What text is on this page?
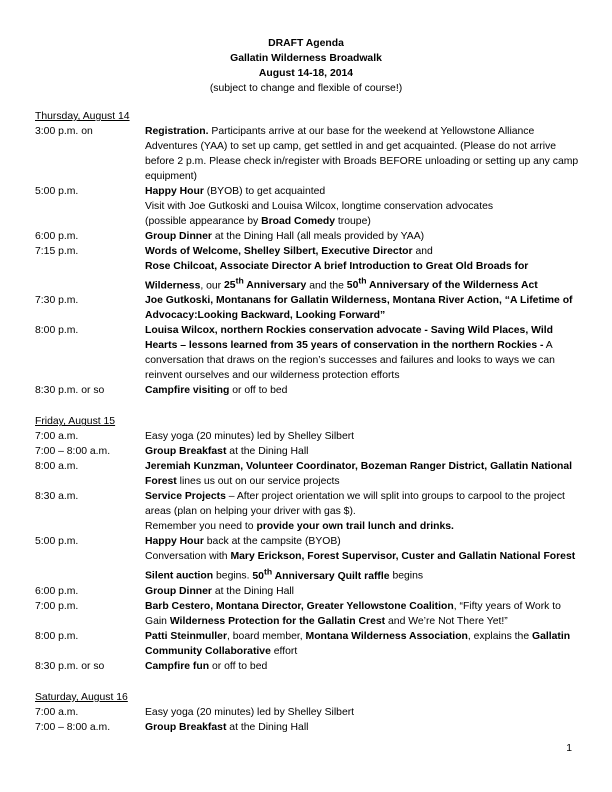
DRAFT Agenda
Gallatin Wilderness Broadwalk
August 14-18, 2014
(subject to change and flexible of course!)
Thursday, August 14
3:00 p.m. on	Registration. Participants arrive at our base for the weekend at Yellowstone Alliance Adventures (YAA) to set up camp, get settled in and get acquainted. (Please do not arrive before 2 p.m. Please check in/register with Broads BEFORE unloading or setting up any camp equipment)
5:00 p.m.	Happy Hour (BYOB) to get acquainted
Visit with Joe Gutkoski and Louisa Wilcox, longtime conservation advocates
(possible appearance by Broad Comedy troupe)
6:00 p.m.	Group Dinner at the Dining Hall (all meals provided by YAA)
7:15 p.m.	Words of Welcome, Shelley Silbert, Executive Director and
Rose Chilcoat, Associate Director A brief Introduction to Great Old Broads for Wilderness, our 25th Anniversary and the 50th Anniversary of the Wilderness Act
7:30 p.m.	Joe Gutkoski, Montanans for Gallatin Wilderness, Montana River Action, “A Lifetime of Advocacy:Looking Backward, Looking Forward”
8:00 p.m.	Louisa Wilcox, northern Rockies conservation advocate - Saving Wild Places, Wild Hearts – lessons learned from 35 years of conservation in the northern Rockies - A conversation that draws on the region’s successes and failures and looks to ways we can reinvent ourselves and our wilderness protection efforts
8:30 p.m. or so	Campfire visiting or off to bed
Friday, August 15
7:00 a.m.	Easy yoga (20 minutes) led by Shelley Silbert
7:00 – 8:00 a.m.	Group Breakfast at the Dining Hall
8:00 a.m.	Jeremiah Kunzman, Volunteer Coordinator, Bozeman Ranger District, Gallatin National Forest lines us out on our service projects
8:30 a.m.	Service Projects – After project orientation we will split into groups to carpool to the project areas (plan on helping your driver with gas $).
Remember you need to provide your own trail lunch and drinks.
5:00 p.m.	Happy Hour back at the campsite (BYOB)
Conversation with Mary Erickson, Forest Supervisor, Custer and Gallatin National Forest
Silent auction begins. 50th Anniversary Quilt raffle begins
6:00 p.m.	Group Dinner at the Dining Hall
7:00 p.m.	Barb Cestero, Montana Director, Greater Yellowstone Coalition, “Fifty years of Work to Gain Wilderness Protection for the Gallatin Crest and We’re Not There Yet!”
8:00 p.m.	Patti Steinmuller, board member, Montana Wilderness Association, explains the Gallatin Community Collaborative effort
8:30 p.m. or so	Campfire fun or off to bed
Saturday, August 16
7:00 a.m.	Easy yoga (20 minutes) led by Shelley Silbert
7:00 – 8:00 a.m.	Group Breakfast at the Dining Hall
1
